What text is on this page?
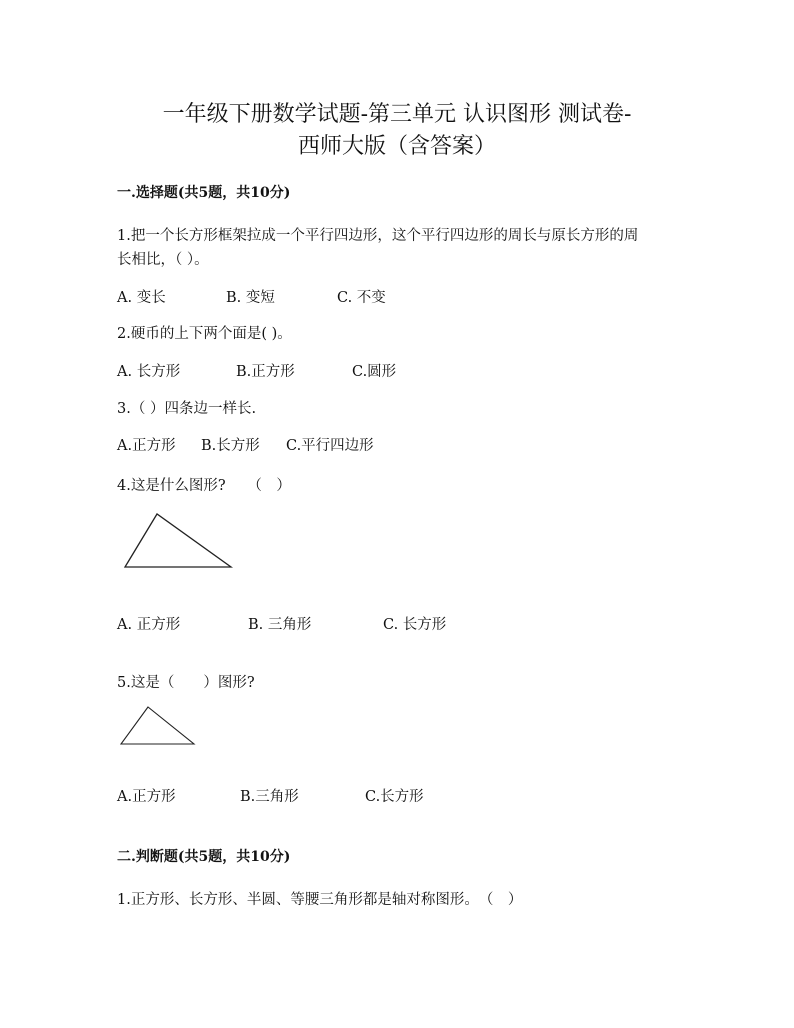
一年级下册数学试题-第三单元 认识图形 测试卷-
西师大版（含答案）
一.选择题(共5题，共10分)
1.把一个长方形框架拉成一个平行四边形，这个平行四边形的周长与原长方形的周
长相比，（ ）。
A. 变长	B. 变短	C. 不变
2.硬币的上下两个面是( )。
A. 长方形	B.正方形	C.圆形
3.（ ）四条边一样长.
A.正方形 B.长方形 C.平行四边形
4.这是什么图形?　　（　）
A. 正方形	B. 三角形	C. 长方形
5.这是（　　）图形?
A.正方形	B.三角形	C.长方形
二.判断题(共5题，共10分)
1.正方形、长方形、半圆、等腰三角形都是轴对称图形。　（　）
